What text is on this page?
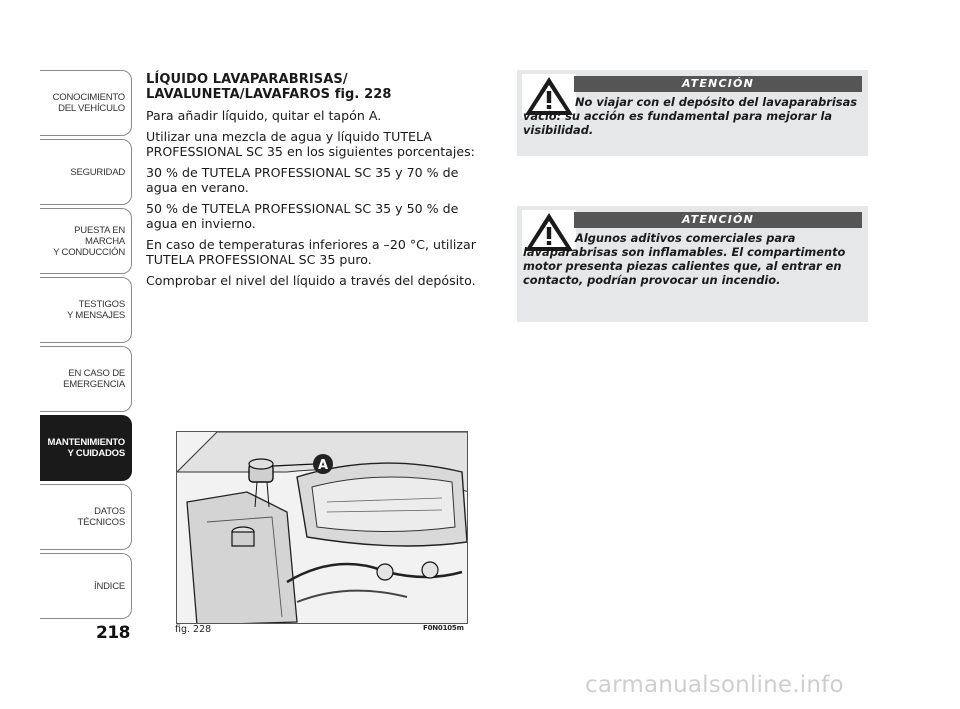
CONOCIMIENTO
DEL VEHÍCULO
SEGURIDAD
PUESTA EN
MARCHA
Y CONDUCCIÓN
TESTIGOS
Y MENSAJES
EN CASO DE
EMERGENCIA
MANTENIMIENTO
Y CUIDADOS
DATOS
TÉCNICOS
ÍNDICE
218
LÍQUIDO LAVAPARABRISAS/ LAVALUNETA/LAVAFAROS fig. 228

Para añadir líquido, quitar el tapón A.

Utilizar una mezcla de agua y líquido TUTELA PROFESSIONAL SC 35 en los siguientes porcentajes:

30 % de TUTELA PROFESSIONAL SC 35 y 70 % de agua en verano.

50 % de TUTELA PROFESSIONAL SC 35 y 50 % de agua en invierno.

En caso de temperaturas inferiores a –20 °C, utilizar TUTELA PROFESSIONAL SC 35 puro.

Comprobar el nivel del líquido a través del depósito.

A
fig. 228	F0N0105m
ATENCIÓN
No viajar con el depósito del lavaparabrisas vacío: su acción es fundamental para mejorar la visibilidad.
ATENCIÓN
Algunos aditivos comerciales para lavaparabrisas son inflamables. El compartimento motor presenta piezas calientes que, al entrar en contacto, podrían provocar un incendio.
carmanualsonline.info
